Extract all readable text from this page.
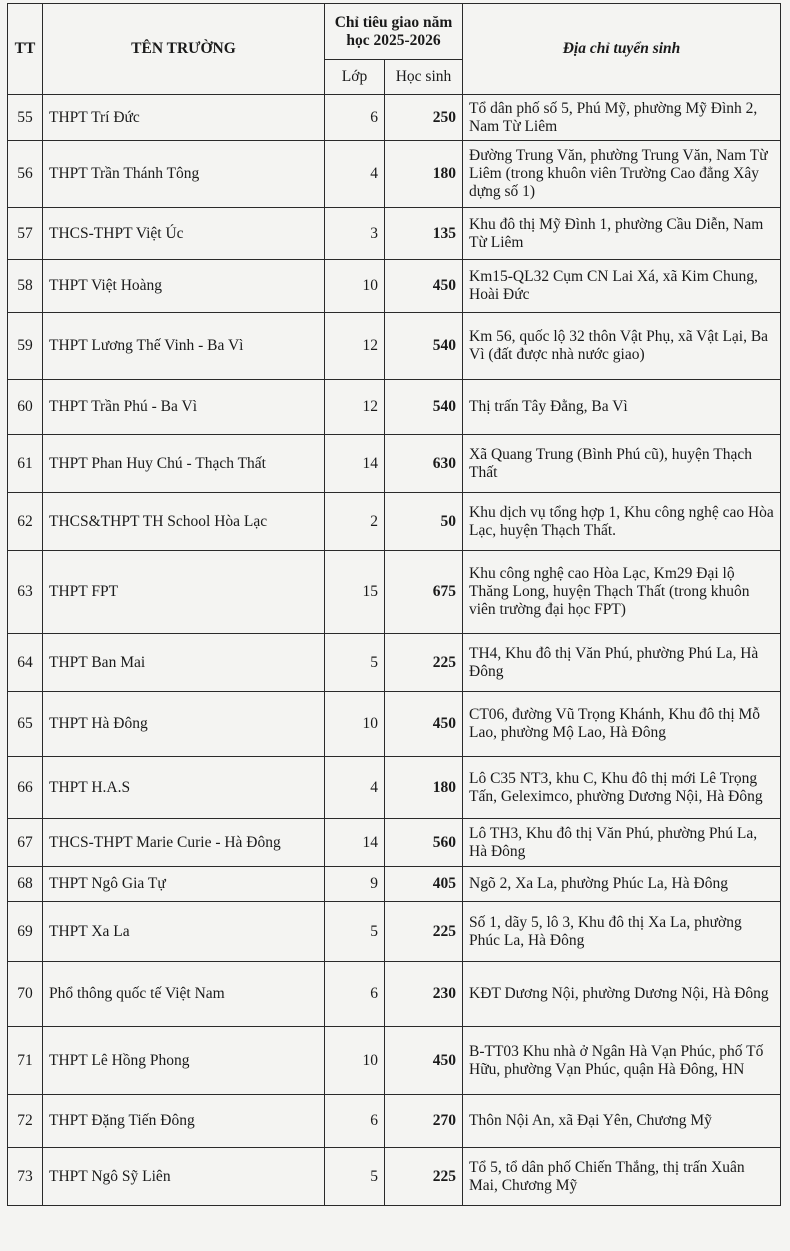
TT	TÊN TRƯỜNG	Chỉ tiêu giao năm học 2025-2026		Địa chỉ tuyển sinh
		Lớp	Học sinh	
55	THPT Trí Đức	6	250	Tổ dân phố số 5, Phú Mỹ, phường Mỹ Đình 2, Nam Từ Liêm
56	THPT Trần Thánh Tông	4	180	Đường Trung Văn, phường Trung Văn, Nam Từ Liêm (trong khuôn viên Trường Cao đẳng Xây dựng số 1)
57	THCS-THPT Việt Úc	3	135	Khu đô thị Mỹ Đình 1, phường Cầu Diễn, Nam Từ Liêm
58	THPT Việt Hoàng	10	450	Km15-QL32 Cụm CN Lai Xá, xã Kim Chung, Hoài Đức
59	THPT Lương Thế Vinh - Ba Vì	12	540	Km 56, quốc lộ 32 thôn Vật Phụ, xã Vật Lại, Ba Vì (đất được nhà nước giao)
60	THPT Trần Phú - Ba Vì	12	540	Thị trấn Tây Đằng, Ba Vì
61	THPT Phan Huy Chú - Thạch Thất	14	630	Xã Quang Trung (Bình Phú cũ), huyện Thạch Thất
62	THCS&THPT TH School Hòa Lạc	2	50	Khu dịch vụ tổng hợp 1, Khu công nghệ cao Hòa Lạc, huyện Thạch Thất.
63	THPT FPT	15	675	Khu công nghệ cao Hòa Lạc, Km29 Đại lộ Thăng Long, huyện Thạch Thất (trong khuôn viên trường đại học FPT)
64	THPT Ban Mai	5	225	TH4, Khu đô thị Văn Phú, phường Phú La, Hà Đông
65	THPT Hà Đông	10	450	CT06, đường Vũ Trọng Khánh, Khu đô thị Mỗ Lao, phường Mộ Lao, Hà Đông
66	THPT H.A.S	4	180	Lô C35 NT3, khu C, Khu đô thị mới Lê Trọng Tấn, Geleximco, phường Dương Nội, Hà Đông
67	THCS-THPT Marie Curie - Hà Đông	14	560	Lô TH3, Khu đô thị Văn Phú, phường Phú La, Hà Đông
68	THPT Ngô Gia Tự	9	405	Ngõ 2, Xa La, phường Phúc La, Hà Đông
69	THPT Xa La	5	225	Số 1, dãy 5, lô 3, Khu đô thị Xa La, phường Phúc La, Hà Đông
70	Phổ thông quốc tế Việt Nam	6	230	KĐT Dương Nội, phường Dương Nội, Hà Đông
71	THPT Lê Hồng Phong	10	450	B-TT03 Khu nhà ở Ngân Hà Vạn Phúc, phố Tố Hữu, phường Vạn Phúc, quận Hà Đông, HN
72	THPT Đặng Tiến Đông	6	270	Thôn Nội An, xã Đại Yên, Chương Mỹ
73	THPT Ngô Sỹ Liên	5	225	Tổ 5, tổ dân phố Chiến Thắng, thị trấn Xuân Mai, Chương Mỹ
